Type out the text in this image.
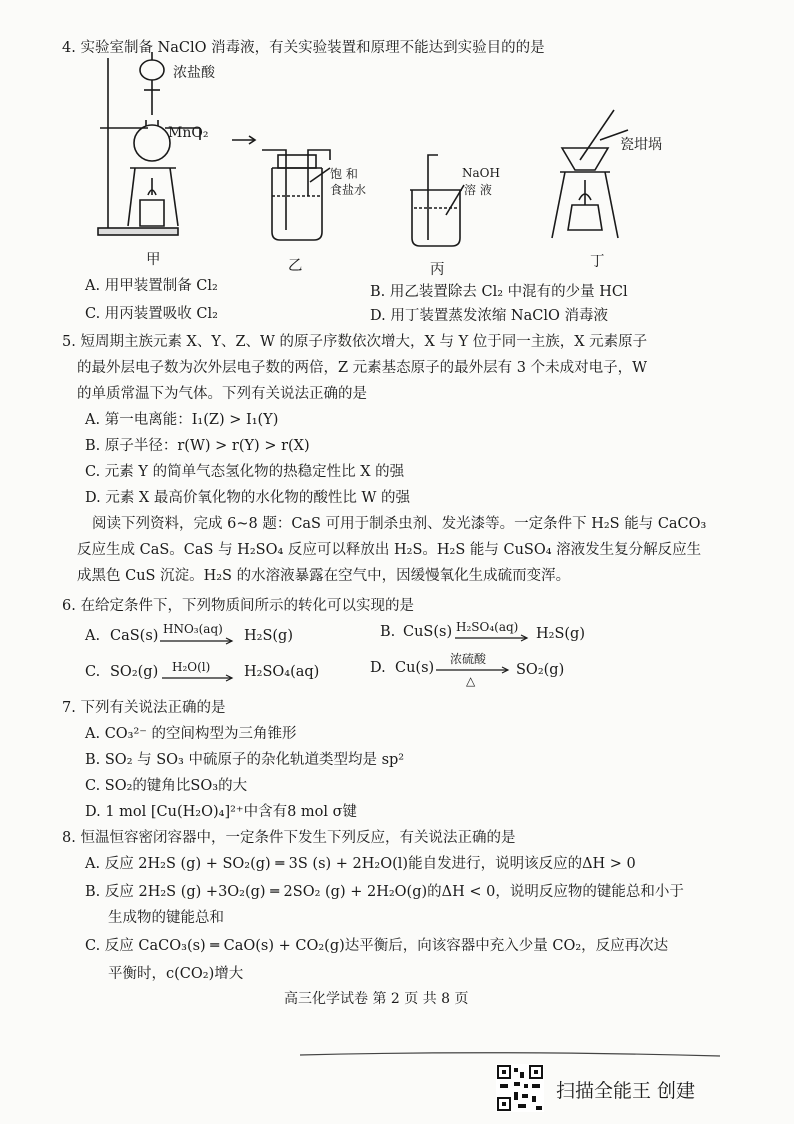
4. 实验室制备 NaClO 消毒液，有关实验装置和原理不能达到实验目的的是
浓盐酸
MnO₂
饱 和
食盐水
NaOH
溶 液
瓷坩埚
甲	乙	丙	丁
A. 用甲装置制备 Cl₂	B. 用乙装置除去 Cl₂ 中混有的少量 HCl
C. 用丙装置吸收 Cl₂	D. 用丁装置蒸发浓缩 NaClO 消毒液
5. 短周期主族元素 X、Y、Z、W 的原子序数依次增大，X 与 Y 位于同一主族，X 元素原子
的最外层电子数为次外层电子数的两倍，Z 元素基态原子的最外层有 3 个未成对电子，W
的单质常温下为气体。下列有关说法正确的是
A. 第一电离能：I₁(Z) > I₁(Y)
B. 原子半径：r(W) > r(Y) > r(X)
C. 元素 Y 的简单气态氢化物的热稳定性比 X 的强
D. 元素 X 最高价氧化物的水化物的酸性比 W 的强
阅读下列资料，完成 6~8 题：CaS 可用于制杀虫剂、发光漆等。一定条件下 H₂S 能与 CaCO₃
反应生成 CaS。CaS 与 H₂SO₄ 反应可以释放出 H₂S。H₂S 能与 CuSO₄ 溶液发生复分解反应生
成黑色 CuS 沉淀。H₂S 的水溶液暴露在空气中，因缓慢氧化生成硫而变浑。
6. 在给定条件下，下列物质间所示的转化可以实现的是
A. CaS(s) HNO₃(aq) H₂S(g)	B. CuS(s) H₂SO₄(aq) H₂S(g)
C. SO₂(g) H₂O(l) H₂SO₄(aq)	D. Cu(s)
浓硫酸
△
SO₂(g)
7. 下列有关说法正确的是
A. CO₃²⁻ 的空间构型为三角锥形
B. SO₂ 与 SO₃ 中硫原子的杂化轨道类型均是 sp²
C. SO₂的键角比SO₃的大
D. 1 mol [Cu(H₂O)₄]²⁺中含有8 mol σ键
8. 恒温恒容密闭容器中，一定条件下发生下列反应，有关说法正确的是
A. 反应 2H₂S (g) + SO₂(g) ═ 3S (s) + 2H₂O(l)能自发进行，说明该反应的ΔH > 0
B. 反应 2H₂S (g) +3O₂(g) ═ 2SO₂ (g) + 2H₂O(g)的ΔH < 0，说明反应物的键能总和小于
生成物的键能总和
C. 反应 CaCO₃(s) ═ CaO(s) + CO₂(g)达平衡后，向该容器中充入少量 CO₂，反应再次达
平衡时，c(CO₂)增大
高三化学试卷 第 2 页 共 8 页
扫描全能王 创建
